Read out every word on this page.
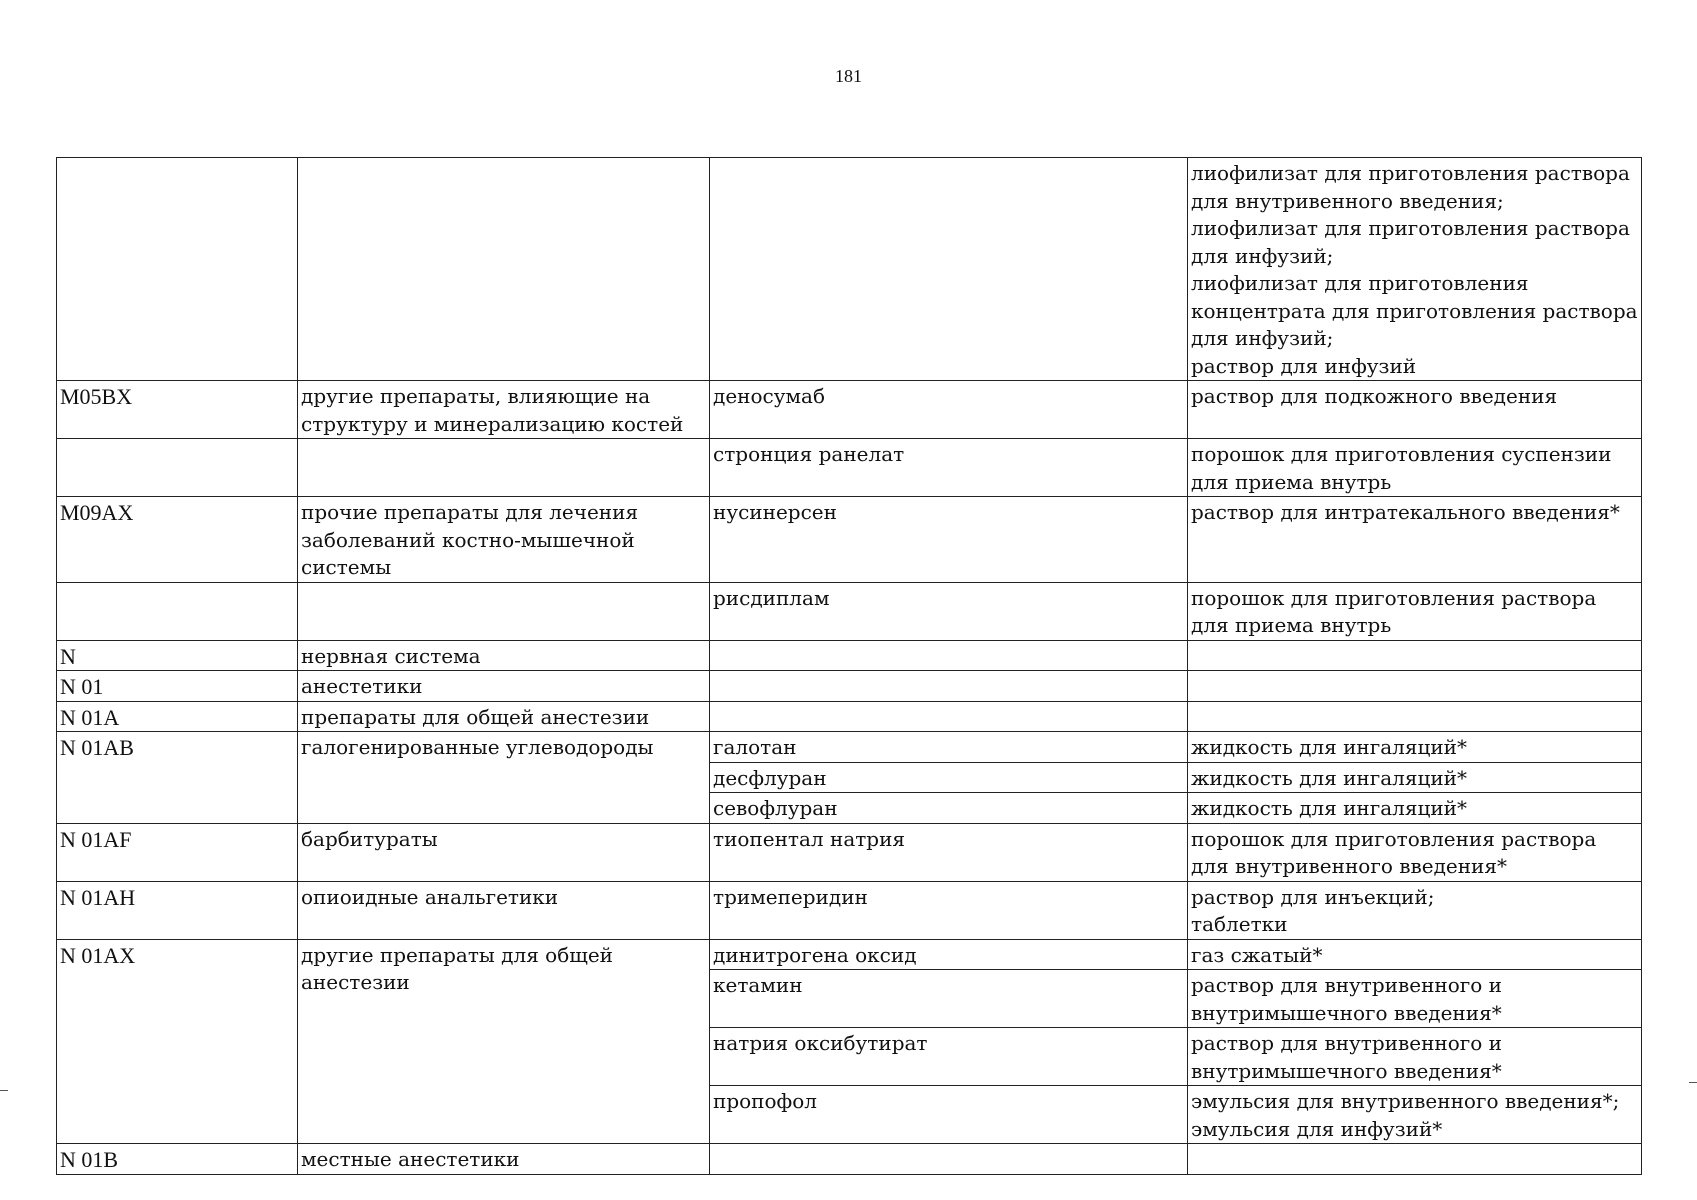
181

			лиофилизат для приготовления раствора для внутривенного введения;
лиофилизат для приготовления раствора для инфузий;
лиофилизат для приготовления концентрата для приготовления раствора для инфузий;
раствор для инфузий

M05BX	другие препараты, влияющие на структуру и минерализацию костей	деносумаб	раствор для подкожного введения

		стронция ранелат	порошок для приготовления суспензии для приема внутрь

M09AX	прочие препараты для лечения заболеваний костно-мышечной системы	нусинерсен	раствор для интратекального введения*

		рисдиплам	порошок для приготовления раствора для приема внутрь

N	нервная система		

N 01	анестетики		

N 01A	препараты для общей анестезии		

N 01AB	галогенированные углеводороды	галотан	жидкость для ингаляций*

		десфлуран	жидкость для ингаляций*

		севофлуран	жидкость для ингаляций*

N 01AF	барбитураты	тиопентал натрия	порошок для приготовления раствора для внутривенного введения*

N 01AH	опиоидные анальгетики	тримеперидин	раствор для инъекций;
таблетки

N 01AX	другие препараты для общей анестезии	динитрогена оксид	газ сжатый*

		кетамин	раствор для внутривенного и внутримышечного введения*

		натрия оксибутират	раствор для внутривенного и внутримышечного введения*

		пропофол	эмульсия для внутривенного введения*;
эмульсия для инфузий*

N 01B	местные анестетики		
